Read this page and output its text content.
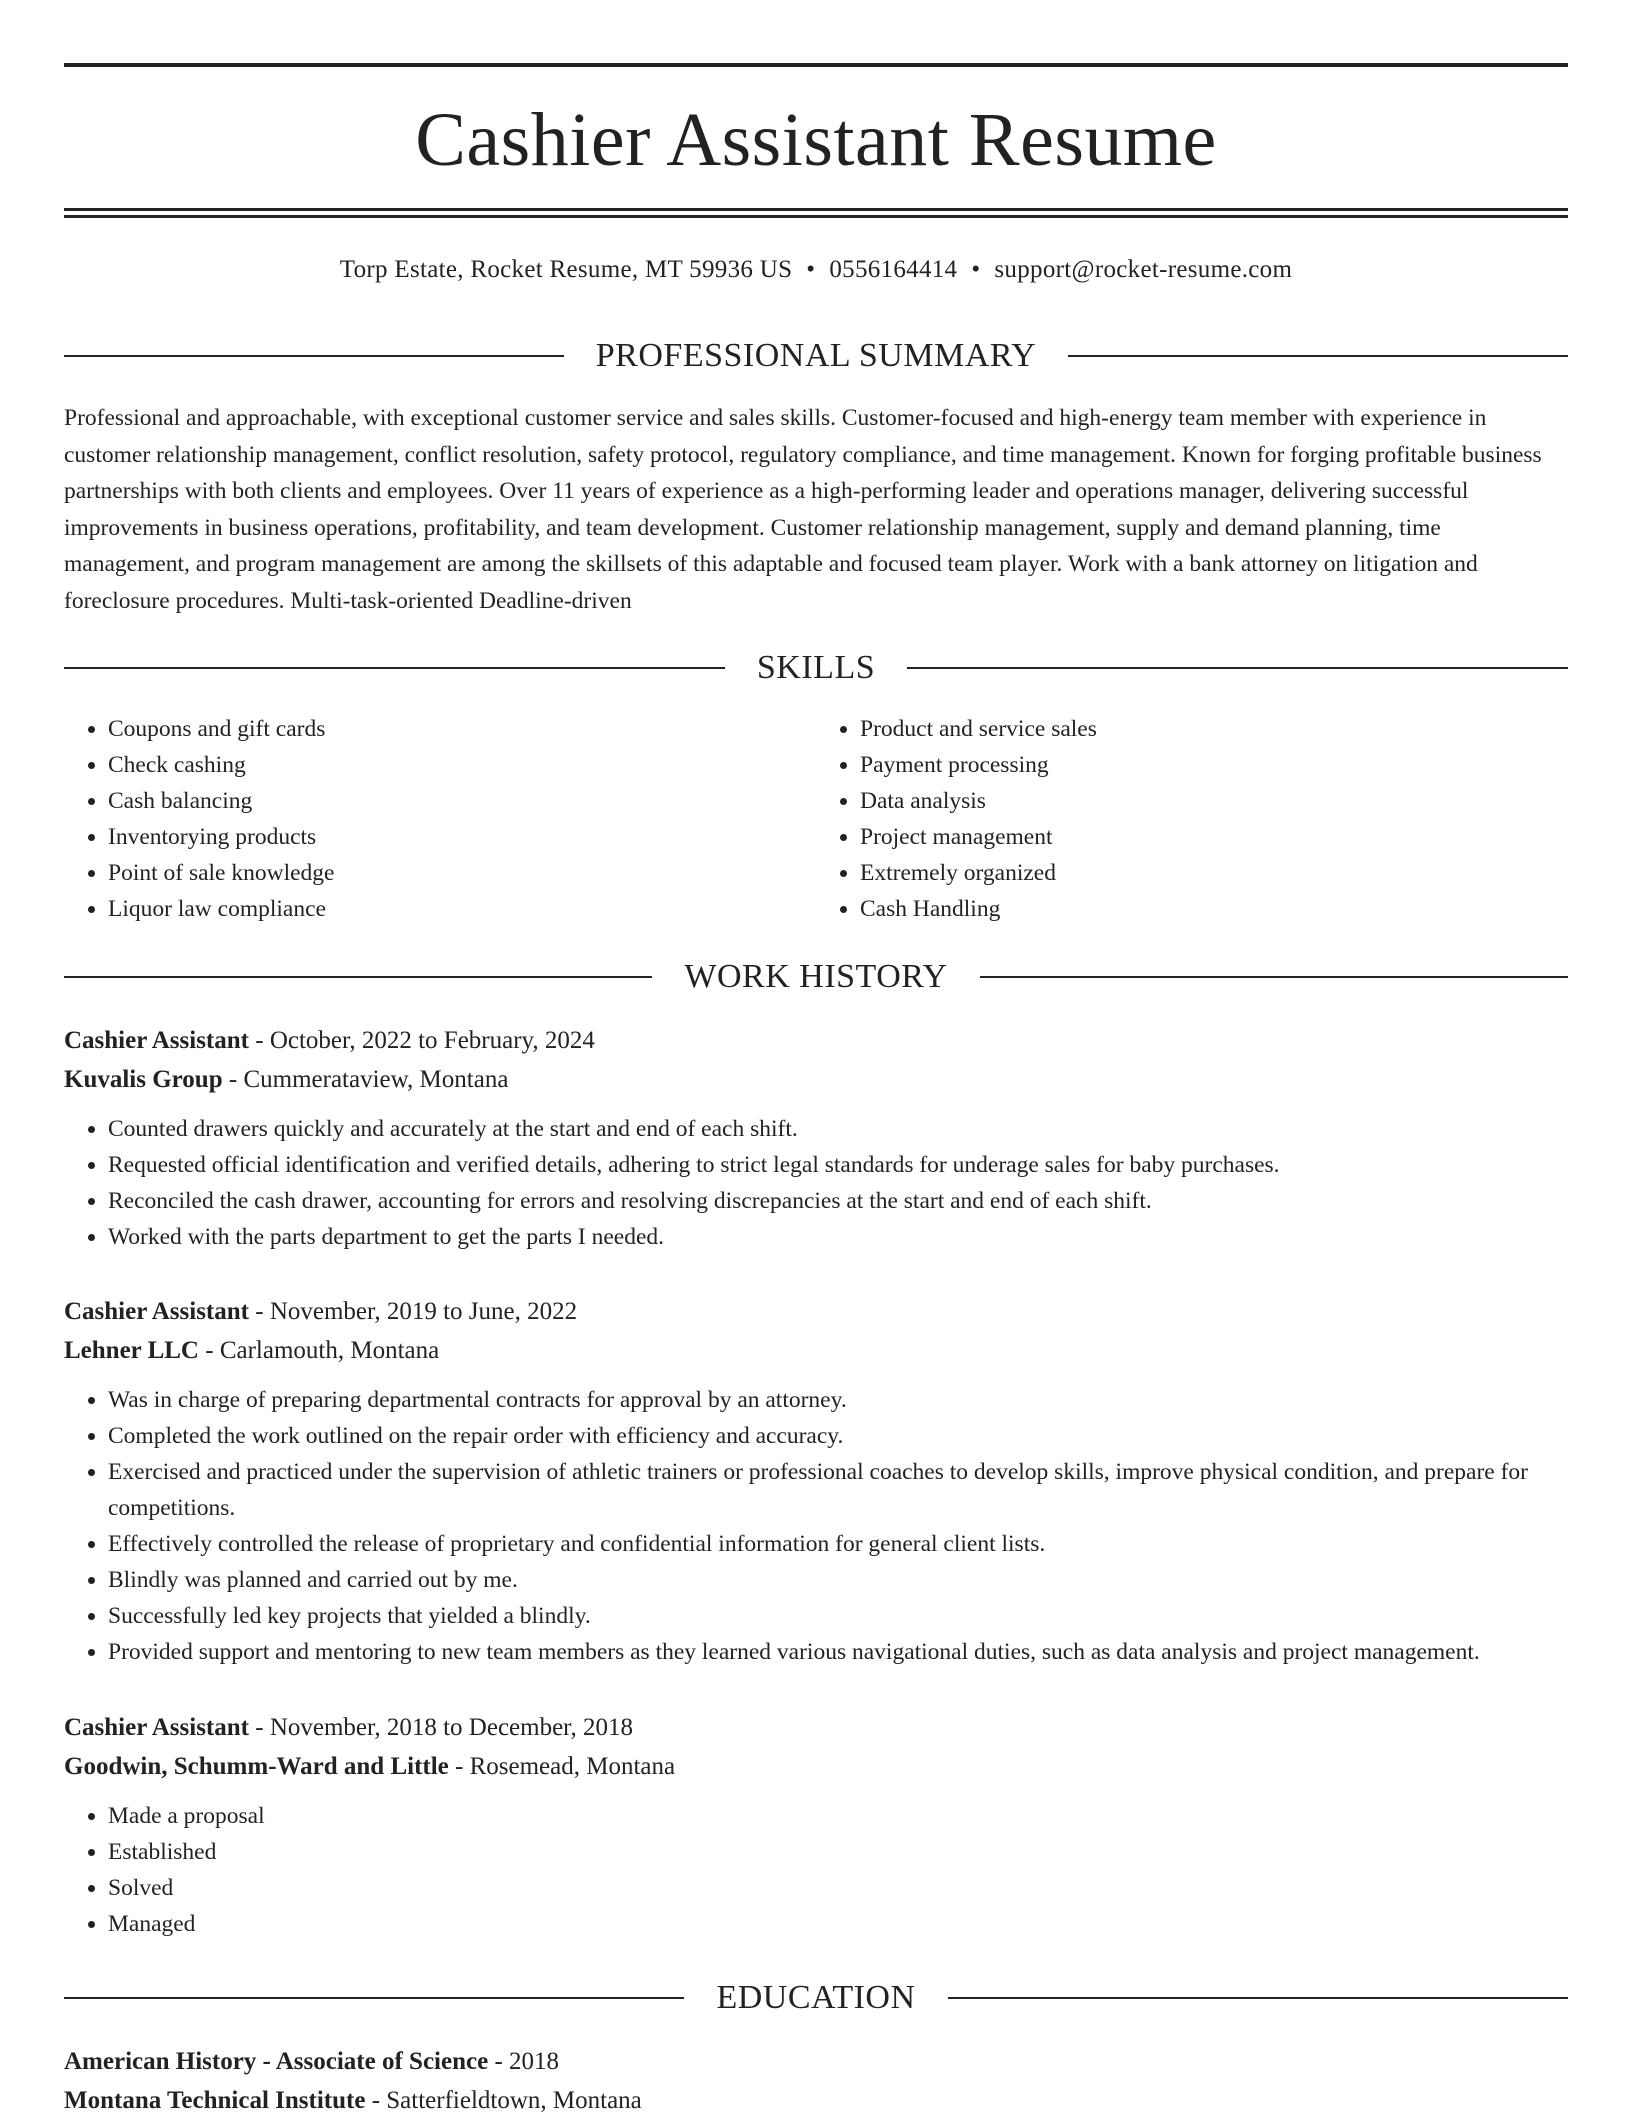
Cashier Assistant Resume
Torp Estate, Rocket Resume, MT 59936 US • 0556164414 • support@rocket-resume.com
PROFESSIONAL SUMMARY

Professional and approachable, with exceptional customer service and sales skills. Customer-focused and high-energy team member with experience in customer relationship management, conflict resolution, safety protocol, regulatory compliance, and time management. Known for forging profitable business partnerships with both clients and employees. Over 11 years of experience as a high-performing leader and operations manager, delivering successful improvements in business operations, profitability, and team development. Customer relationship management, supply and demand planning, time management, and program management are among the skillsets of this adaptable and focused team player. Work with a bank attorney on litigation and foreclosure procedures. Multi-task-oriented Deadline-driven

SKILLS
• Coupons and gift cards
• Check cashing
• Cash balancing
• Inventorying products
• Point of sale knowledge
• Liquor law compliance
• Product and service sales
• Payment processing
• Data analysis
• Project management
• Extremely organized
• Cash Handling
WORK HISTORY
Cashier Assistant - October, 2022 to February, 2024
Kuvalis Group - Cummerataview, Montana
• Counted drawers quickly and accurately at the start and end of each shift.
• Requested official identification and verified details, adhering to strict legal standards for underage sales for baby purchases.
• Reconciled the cash drawer, accounting for errors and resolving discrepancies at the start and end of each shift.
• Worked with the parts department to get the parts I needed.
Cashier Assistant - November, 2019 to June, 2022
Lehner LLC - Carlamouth, Montana
• Was in charge of preparing departmental contracts for approval by an attorney.
• Completed the work outlined on the repair order with efficiency and accuracy.
• Exercised and practiced under the supervision of athletic trainers or professional coaches to develop skills, improve physical condition, and prepare for competitions.
• Effectively controlled the release of proprietary and confidential information for general client lists.
• Blindly was planned and carried out by me.
• Successfully led key projects that yielded a blindly.
• Provided support and mentoring to new team members as they learned various navigational duties, such as data analysis and project management.
Cashier Assistant - November, 2018 to December, 2018
Goodwin, Schumm-Ward and Little - Rosemead, Montana
• Made a proposal
• Established
• Solved
• Managed
EDUCATION
American History - Associate of Science - 2018
Montana Technical Institute - Satterfieldtown, Montana
